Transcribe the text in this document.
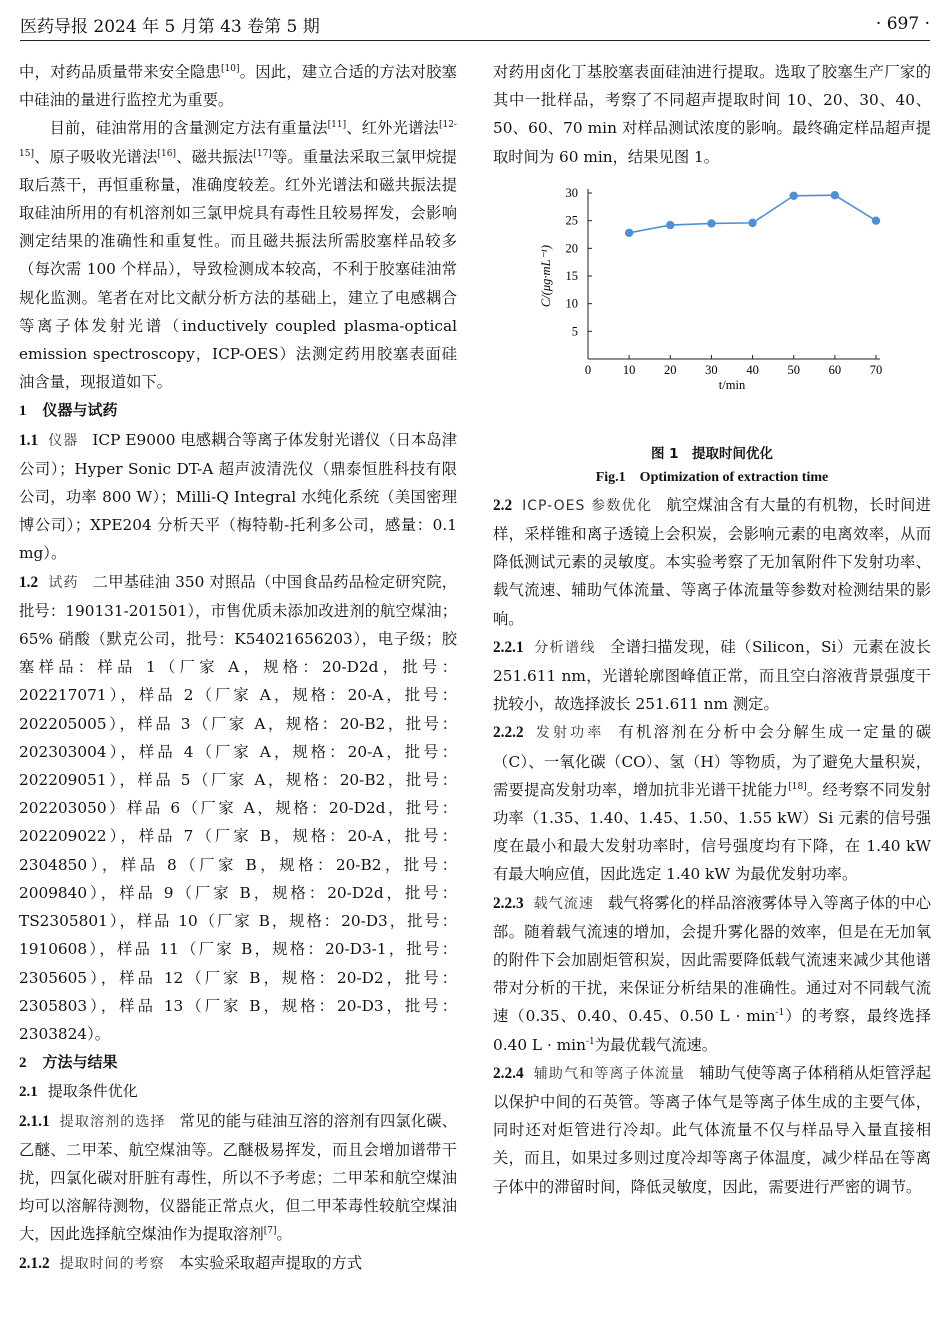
医药导报 2024 年 5 月第 43 卷第 5 期	· 697 ·

中，对药品质量带来安全隐患[10]。因此，建立合适的方法对胶塞中硅油的量进行监控尤为重要。

目前，硅油常用的含量测定方法有重量法[11]、红外光谱法[12-15]、原子吸收光谱法[16]、磁共振法[17]等。重量法采取三氯甲烷提取后蒸干，再恒重称量，准确度较差。红外光谱法和磁共振法提取硅油所用的有机溶剂如三氯甲烷具有毒性且较易挥发，会影响测定结果的准确性和重复性。而且磁共振法所需胶塞样品较多（每次需 100 个样品），导致检测成本较高，不利于胶塞硅油常规化监测。笔者在对比文献分析方法的基础上，建立了电感耦合等离子体发射光谱（inductively coupled plasma-optical emission spectroscopy，ICP-OES）法测定药用胶塞表面硅油含量，现报道如下。

1 仪器与试药

1.1 仪器 ICP E9000 电感耦合等离子体发射光谱仪（日本岛津公司）；Hyper Sonic DT-A 超声波清洗仪（鼎泰恒胜科技有限公司，功率 800 W）；Milli-Q Integral 水纯化系统（美国密理博公司）；XPE204 分析天平（梅特勒-托利多公司，感量：0.1 mg）。

1.2 试药 二甲基硅油 350 对照品（中国食品药品检定研究院，批号：190131-201501），市售优质未添加改进剂的航空煤油；65% 硝酸（默克公司，批号：K54021656203），电子级；胶塞样品：样品 1（厂家 A，规格：20-D2d，批号：202217071），样品 2（厂家 A，规格：20-A，批号：202205005），样品 3（厂家 A，规格：20-B2，批号：202303004），样品 4（厂家 A，规格：20-A，批号：202209051），样品 5（厂家 A，规格：20-B2，批号：202203050）样品 6（厂家 A，规格：20-D2d，批号：202209022），样品 7（厂家 B，规格：20-A，批号：2304850），样品 8（厂家 B，规格：20-B2，批号：2009840），样品 9（厂家 B，规格：20-D2d，批号：TS2305801），样品 10（厂家 B，规格：20-D3，批号：1910608），样品 11（厂家 B，规格：20-D3-1，批号：2305605），样品 12（厂家 B，规格：20-D2，批号：2305803），样品 13（厂家 B，规格：20-D3，批号：2303824）。

2 方法与结果

2.1 提取条件优化

2.1.1 提取溶剂的选择 常见的能与硅油互溶的溶剂有四氯化碳、乙醚、二甲苯、航空煤油等。乙醚极易挥发，而且会增加谱带干扰，四氯化碳对肝脏有毒性，所以不予考虑；二甲苯和航空煤油均可以溶解待测物，仪器能正常点火，但二甲苯毒性较航空煤油大，因此选择航空煤油作为提取溶剂[7]。

2.1.2 提取时间的考察 本实验采取超声提取的方式

对药用卤化丁基胶塞表面硅油进行提取。选取了胶塞生产厂家的其中一批样品，考察了不同超声提取时间 10、20、30、40、50、60、70 min 对样品测试浓度的影响。最终确定样品超声提取时间为 60 min，结果见图 1。

0	10 20 30 40 50 60 70
5
10
15
20
25
30
t/min
C/(μg·mL⁻¹)
图 1　提取时间优化
Fig.1　Optimization of extraction time

2.2 ICP-OES 参数优化 航空煤油含有大量的有机物，长时间进样，采样锥和离子透镜上会积炭，会影响元素的电离效率，从而降低测试元素的灵敏度。本实验考察了无加氧附件下发射功率、载气流速、辅助气体流量、等离子体流量等参数对检测结果的影响。

2.2.1 分析谱线 全谱扫描发现，硅（Silicon，Si）元素在波长 251.611 nm，光谱轮廓图峰值正常，而且空白溶液背景强度干扰较小，故选择波长 251.611 nm 测定。

2.2.2 发射功率 有机溶剂在分析中会分解生成一定量的碳（C）、一氧化碳（CO）、氢（H）等物质，为了避免大量积炭，需要提高发射功率，增加抗非光谱干扰能力[18]。经考察不同发射功率（1.35、1.40、1.45、1.50、1.55 kW）Si 元素的信号强度在最小和最大发射功率时，信号强度均有下降，在 1.40 kW 有最大响应值，因此选定 1.40 kW 为最优发射功率。

2.2.3 载气流速 载气将雾化的样品溶液雾体导入等离子体的中心部。随着载气流速的增加，会提升雾化器的效率，但是在无加氧的附件下会加剧炬管积炭，因此需要降低载气流速来减少其他谱带对分析的干扰，来保证分析结果的准确性。通过对不同载气流速（0.35、0.40、0.45、0.50 $L \cdot \min^{-1}$）的考察，最终选择 0.40 $L \cdot \min^{-1}$为最优载气流速。

2.2.4 辅助气和等离子体流量 辅助气使等离子体稍稍从炬管浮起以保护中间的石英管。等离子体气是等离子体生成的主要气体，同时还对炬管进行冷却。此气体流量不仅与样品导入量直接相关，而且，如果过多则过度冷却等离子体温度，减少样品在等离子体中的滞留时间，降低灵敏度，因此，需要进行严密的调节。
